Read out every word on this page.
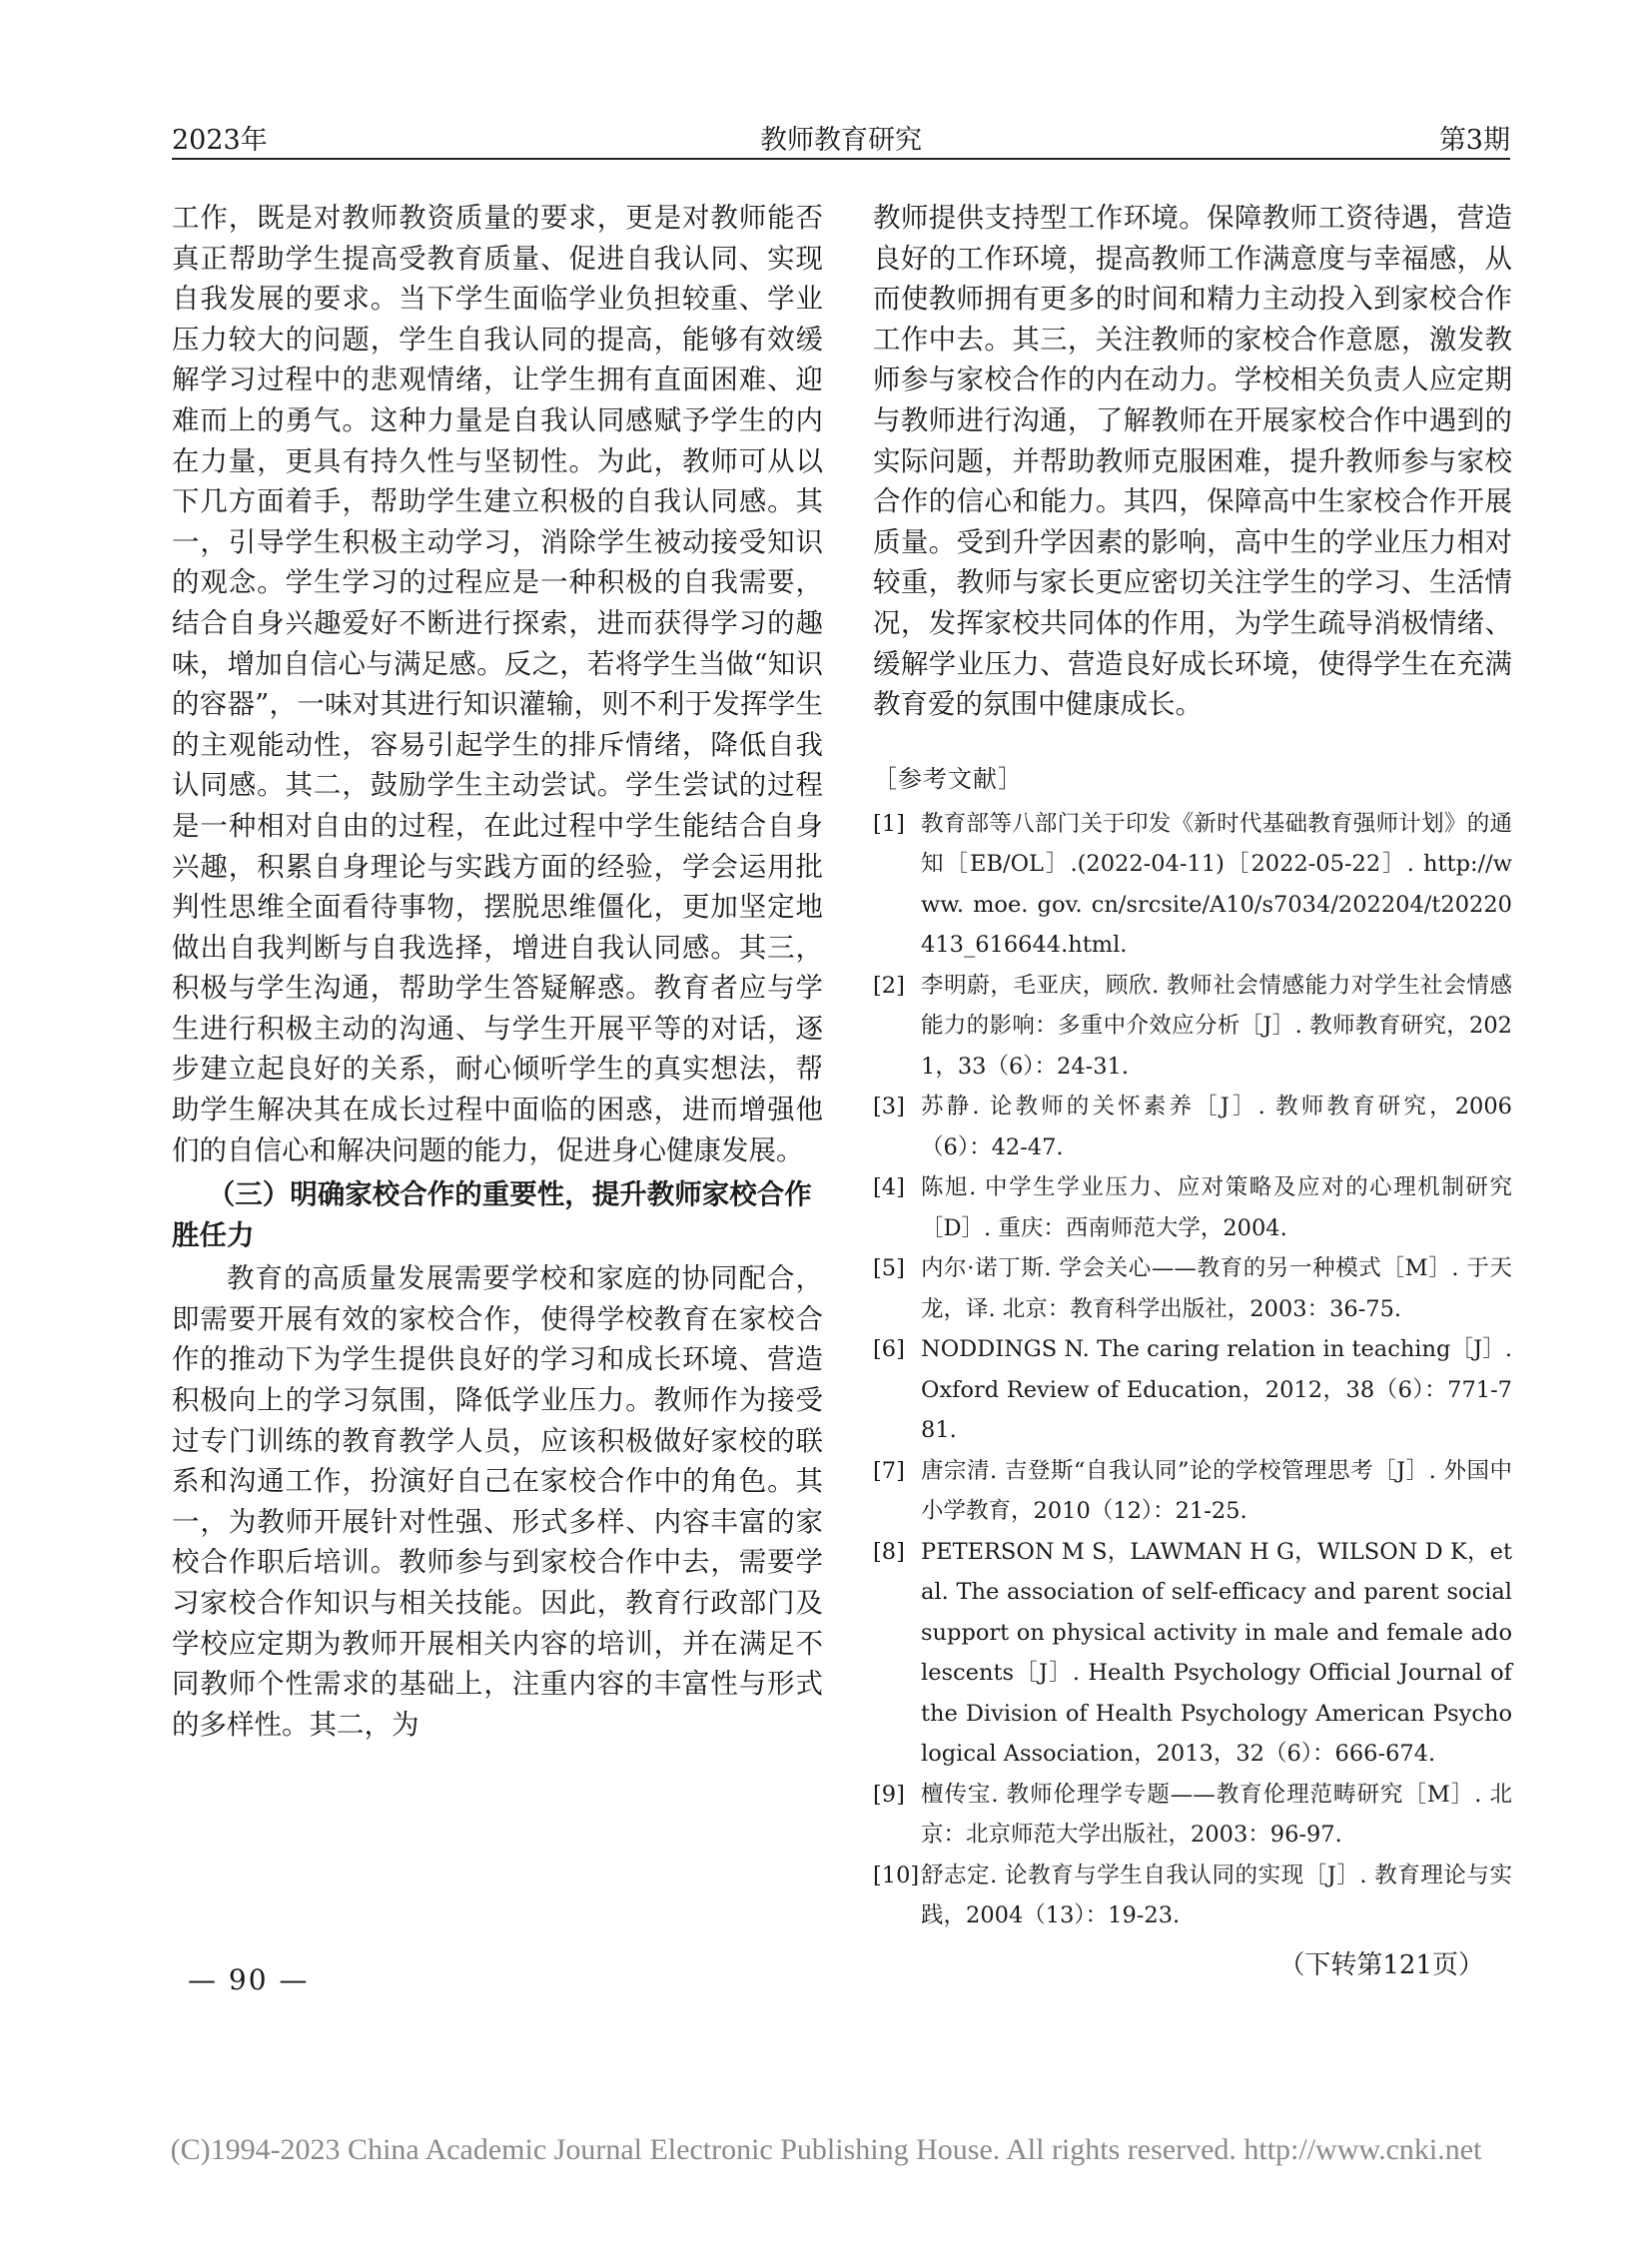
2023年	教师教育研究	第3期

工作，既是对教师教资质量的要求，更是对教师能否真正帮助学生提高受教育质量、促进自我认同、实现自我发展的要求。当下学生面临学业负担较重、学业压力较大的问题，学生自我认同的提高，能够有效缓解学习过程中的悲观情绪，让学生拥有直面困难、迎难而上的勇气。这种力量是自我认同感赋予学生的内在力量，更具有持久性与坚韧性。为此，教师可从以下几方面着手，帮助学生建立积极的自我认同感。其一，引导学生积极主动学习，消除学生被动接受知识的观念。学生学习的过程应是一种积极的自我需要，结合自身兴趣爱好不断进行探索，进而获得学习的趣味，增加自信心与满足感。反之，若将学生当做“知识的容器”，一味对其进行知识灌输，则不利于发挥学生的主观能动性，容易引起学生的排斥情绪，降低自我认同感。其二，鼓励学生主动尝试。学生尝试的过程是一种相对自由的过程，在此过程中学生能结合自身兴趣，积累自身理论与实践方面的经验，学会运用批判性思维全面看待事物，摆脱思维僵化，更加坚定地做出自我判断与自我选择，增进自我认同感。其三，积极与学生沟通，帮助学生答疑解惑。教育者应与学生进行积极主动的沟通、与学生开展平等的对话，逐步建立起良好的关系，耐心倾听学生的真实想法，帮助学生解决其在成长过程中面临的困惑，进而增强他们的自信心和解决问题的能力，促进身心健康发展。

（三）明确家校合作的重要性，提升教师家校合作胜任力

教育的高质量发展需要学校和家庭的协同配合，即需要开展有效的家校合作，使得学校教育在家校合作的推动下为学生提供良好的学习和成长环境、营造积极向上的学习氛围，降低学业压力。教师作为接受过专门训练的教育教学人员，应该积极做好家校的联系和沟通工作，扮演好自己在家校合作中的角色。其一，为教师开展针对性强、形式多样、内容丰富的家校合作职后培训。教师参与到家校合作中去，需要学习家校合作知识与相关技能。因此，教育行政部门及学校应定期为教师开展相关内容的培训，并在满足不同教师个性需求的基础上，注重内容的丰富性与形式的多样性。其二，为

教师提供支持型工作环境。保障教师工资待遇，营造良好的工作环境，提高教师工作满意度与幸福感，从而使教师拥有更多的时间和精力主动投入到家校合作工作中去。其三，关注教师的家校合作意愿，激发教师参与家校合作的内在动力。学校相关负责人应定期与教师进行沟通，了解教师在开展家校合作中遇到的实际问题，并帮助教师克服困难，提升教师参与家校合作的信心和能力。其四，保障高中生家校合作开展质量。受到升学因素的影响，高中生的学业压力相对较重，教师与家长更应密切关注学生的学习、生活情况，发挥家校共同体的作用，为学生疏导消极情绪、缓解学业压力、营造良好成长环境，使得学生在充满教育爱的氛围中健康成长。

［参考文献］
[1] 教育部等八部门关于印发《新时代基础教育强师计划》的通知［EB/OL］.(2022-04-11)［2022-05-22］. http://www. moe. gov. cn/srcsite/A10/s7034/202204/t20220413_616644.html.
[2] 李明蔚，毛亚庆，顾欣. 教师社会情感能力对学生社会情感能力的影响：多重中介效应分析［J］. 教师教育研究，2021，33（6）：24-31.
[3] 苏静. 论教师的关怀素养［J］. 教师教育研究，2006（6）：42-47.
[4] 陈旭. 中学生学业压力、应对策略及应对的心理机制研究［D］. 重庆：西南师范大学，2004.
[5] 内尔·诺丁斯. 学会关心——教育的另一种模式［M］. 于天龙，译. 北京：教育科学出版社，2003：36-75.
[6] NODDINGS N. The caring relation in teaching［J］. Oxford Review of Education，2012，38（6）：771-781.
[7] 唐宗清. 吉登斯“自我认同”论的学校管理思考［J］. 外国中小学教育，2010（12）：21-25.
[8] PETERSON M S，LAWMAN H G，WILSON D K，et al. The association of self-efficacy and parent social support on physical activity in male and female adolescents［J］. Health Psychology Official Journal of the Division of Health Psychology American Psychological Association，2013，32（6）：666-674.
[9] 檀传宝. 教师伦理学专题——教育伦理范畴研究［M］. 北京：北京师范大学出版社，2003：96-97.
[10] 舒志定. 论教育与学生自我认同的实现［J］. 教育理论与实践，2004（13）：19-23.
（下转第121页）
— 90 —
(C)1994-2023 China Academic Journal Electronic Publishing House. All rights reserved. http://www.cnki.net
